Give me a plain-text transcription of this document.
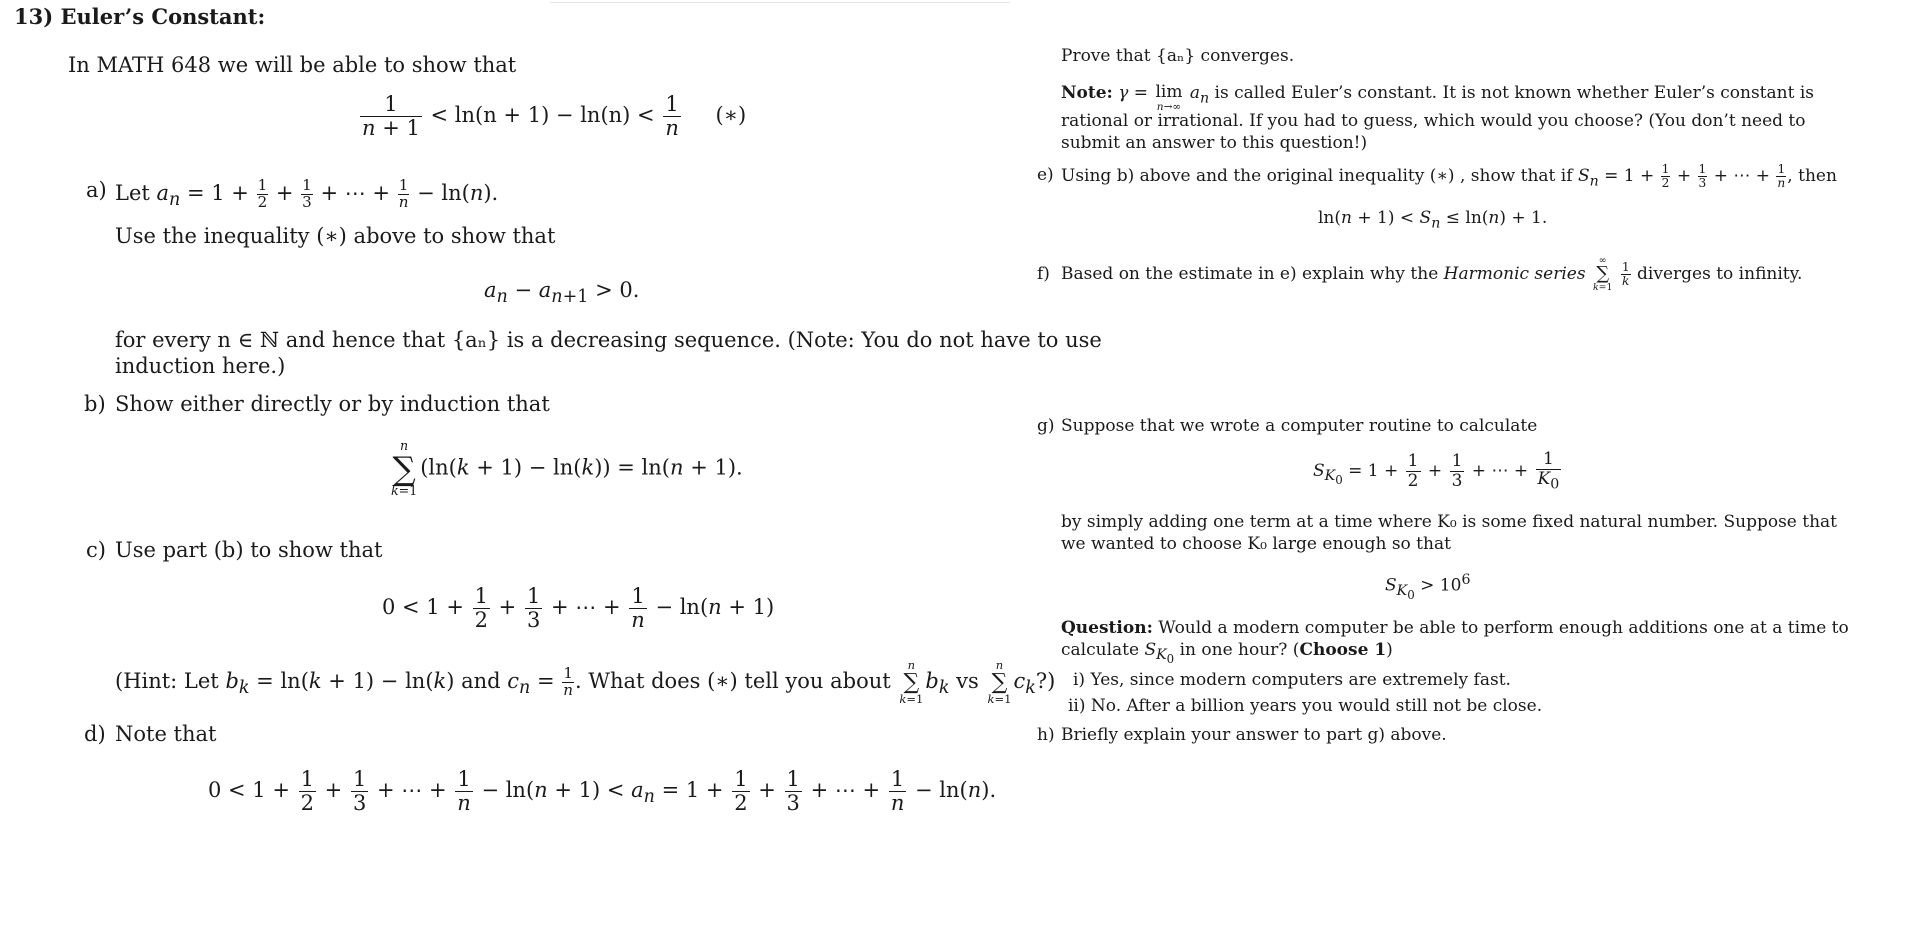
13) Euler’s Constant:
In MATH 648 we will be able to show that
$\frac{1}{n + 1} < \ln(n + 1) - \ln(n) < \frac{1}{n}$ (∗)
a) Let $a_n = 1 + \frac{1}{2} + \frac{1}{3}$ + ⋯ + $\frac{1}{n} - \ln(n)$.
Use the inequality (∗) above to show that
$a_n - a_{n+1} > 0$.
for every n ∈ ℕ and hence that {aₙ} is a decreasing sequence. (Note: You do not have to use
induction here.)
b) Show either directly or by induction that
n
∑
k=1
(ln(k + 1) − ln(k)) = ln(n + 1).
c) Use part (b) to show that
$0 < 1 + \frac{1}{2} + \frac{1}{3}$ + ⋯ + $\frac{1}{n} - \ln(n + 1)$
(Hint: Let $b_k = \ln(k + 1) - \ln(k)$ and $c_n = \frac{1}{n}$ . What does (∗) tell you about
n
∑
k=1
$b_k$ vs
n
∑
k=1
$c_k$?)
d) Note that
$0 < 1 + \frac{1}{2} + \frac{1}{3}$ + ⋯ + $\frac{1}{n} - \ln(n + 1) < a_n = 1 + \frac{1}{2} + \frac{1}{3}$ + ⋯ + $\frac{1}{n} - \ln(n)$.
Prove that {aₙ} converges.
Note: γ = lim
n→∞
$a_n$ is called Euler’s constant. It is not known whether Euler’s constant is
rational or irrational. If you had to guess, which would you choose? (You don’t need to
submit an answer to this question!)
e) Using b) above and the original inequality (∗) , show that if $S_n = 1 + \frac{1}{2} + \frac{1}{3}$ + ⋯ + $\frac{1}{n}$ , then
$\ln(n + 1) < S_n \le \ln(n) + 1$.
f) Based on the estimate in e) explain why the Harmonic series
∞
∑
k=1

$\frac{1}{k}$ diverges to infinity.
g) Suppose that we wrote a computer routine to calculate
$S_{K_0} = 1 + \frac{1}{2} + \frac{1}{3}$ + ⋯ + $\frac{1}{K_0}$
by simply adding one term at a time where K₀ is some fixed natural number. Suppose that
we wanted to choose K₀ large enough so that
$S_{K_0} > 10^6$
Question: Would a modern computer be able to perform enough additions one at a time to
calculate $S_{K_0}$ in one hour? (Choose 1)
i) Yes, since modern computers are extremely fast.
ii) No. After a billion years you would still not be close.
h) Briefly explain your answer to part g) above.
